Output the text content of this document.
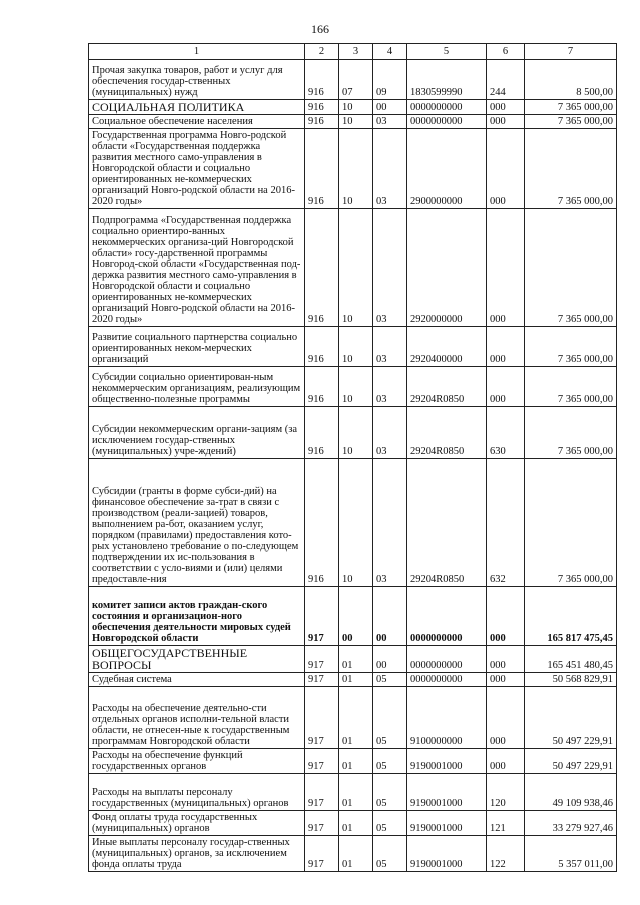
166
1	2	3	4	5	6	7
Прочая закупка товаров, работ и услуг для обеспечения государ-ственных (муниципальных) нужд	916	07	09	1830599990	244	8 500,00
СОЦИАЛЬНАЯ ПОЛИТИКА	916	10	00	0000000000	000	7 365 000,00
Социальное обеспечение населения	916	10	03	0000000000	000	7 365 000,00
Государственная программа Новго-родской области «Государственная поддержка развития местного само-управления в Новгородской области и социально ориентированных не-коммерческих организаций Новго-родской области на 2016-2020 годы»	916	10	03	2900000000	000	7 365 000,00
Подпрограмма «Государственная поддержка социально ориентиро-ванных некоммерческих организа-ций Новгородской области» госу-дарственной программы Новгород-ской области «Государственная под-держка развития местного само-управления в Новгородской области и социально ориентированных не-коммерческих организаций Новго-родской области на 2016-2020 годы»	916	10	03	2920000000	000	7 365 000,00
Развитие социального партнерства социально ориентированных неком-мерческих организаций	916	10	03	2920400000	000	7 365 000,00
Субсидии социально ориентирован-ным некоммерческим организациям, реализующим общественно-полезные программы	916	10	03	29204R0850	000	7 365 000,00
Субсидии некоммерческим органи-зациям (за исключением государ-ственных (муниципальных) учре-ждений)	916	10	03	29204R0850	630	7 365 000,00
Субсидии (гранты в форме субси-дий) на финансовое обеспечение за-трат в связи с производством (реали-зацией) товаров, выполнением ра-бот, оказанием услуг, порядком (правилами) предоставления кото-рых установлено требование о по-следующем подтверждении их ис-пользования в соответствии с усло-виями и (или) целями предоставле-ния	916	10	03	29204R0850	632	7 365 000,00
комитет записи актов граждан-ского состояния и организацион-ного обеспечения деятельности мировых судей Новгородской области	917	00	00	0000000000	000	165 817 475,45
ОБЩЕГОСУДАРСТВЕННЫЕ ВОПРОСЫ	917	01	00	0000000000	000	165 451 480,45
Судебная система	917	01	05	0000000000	000	50 568 829,91
Расходы на обеспечение деятельно-сти отдельных органов исполни-тельной власти области, не отнесен-ные к государственным программам Новгородской области	917	01	05	9100000000	000	50 497 229,91
Расходы на обеспечение функций государственных органов	917	01	05	9190001000	000	50 497 229,91
Расходы на выплаты персоналу государственных (муниципальных) органов	917	01	05	9190001000	120	49 109 938,46
Фонд оплаты труда государственных (муниципальных) органов	917	01	05	9190001000	121	33 279 927,46
Иные выплаты персоналу государ-ственных (муниципальных) органов, за исключением фонда оплаты труда	917	01	05	9190001000	122	5 357 011,00
